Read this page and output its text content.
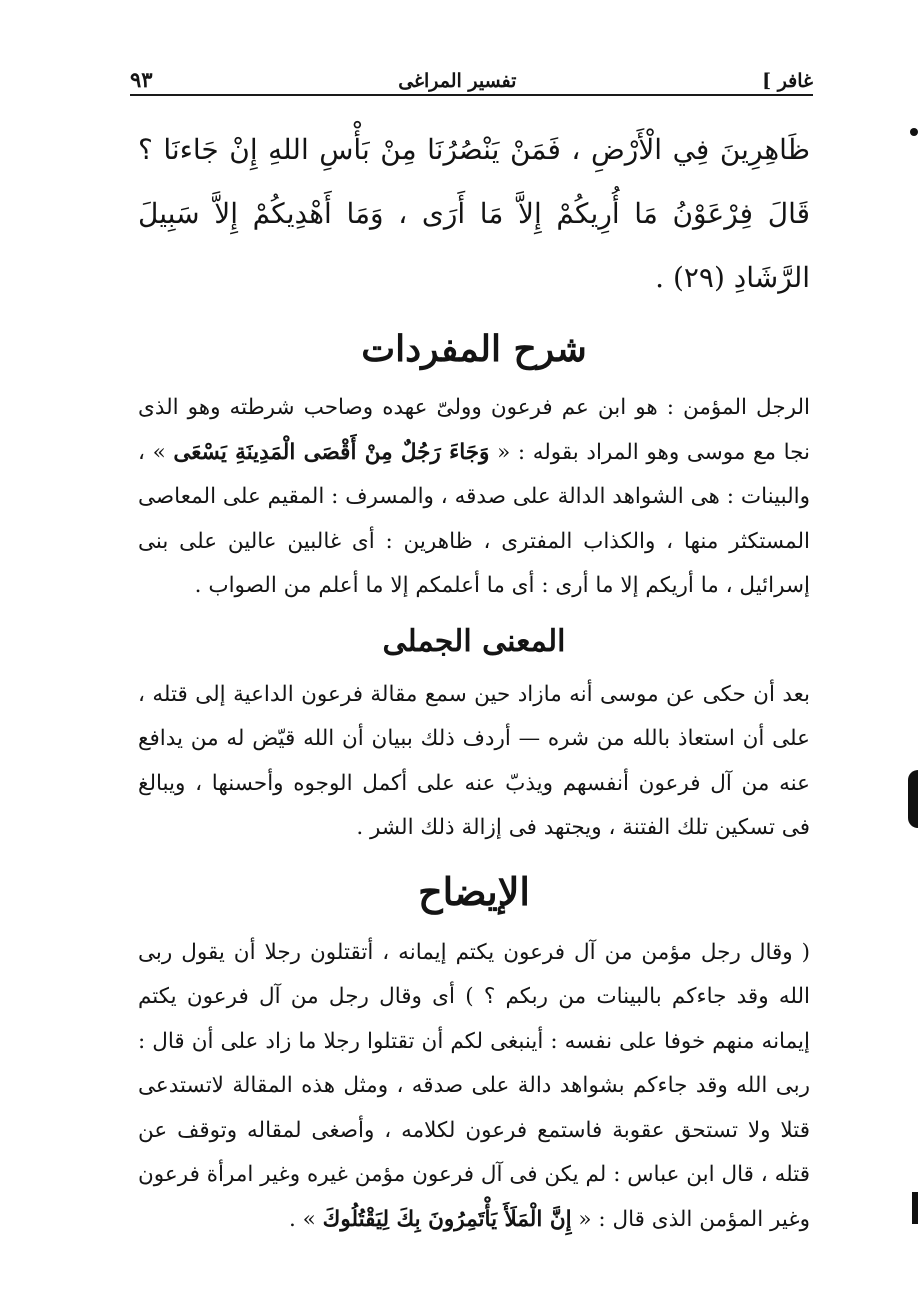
غافر ]
تفسير المراغى
٩٣

ظَاهِرِينَ فِي الْأَرْضِ ، فَمَنْ يَنْصُرُنَا مِنْ بَأْسِ اللهِ إِنْ جَاءنَا ؟ قَالَ فِرْعَوْنُ مَا أُرِيكُمْ إِلاَّ مَا أَرَى ، وَمَا أَهْدِيكُمْ إِلاَّ سَبِيلَ الرَّشَادِ (٢٩) .

شرح المفردات

الرجل المؤمن : هو ابن عم فرعون وولىّ عهده وصاحب شرطته وهو الذى نجا مع موسى وهو المراد بقوله : « وَجَاءَ رَجُلٌ مِنْ أَقْصَى الْمَدِينَةِ يَسْعَى » ، والبينات : هى الشواهد الدالة على صدقه ، والمسرف : المقيم على المعاصى المستكثر منها ، والكذاب المفترى ، ظاهرين : أى غالبين عالين على بنى إسرائيل ، ما أريكم إلا ما أرى : أى ما أعلمكم إلا ما أعلم من الصواب .

المعنى الجملى

بعد أن حكى عن موسى أنه مازاد حين سمع مقالة فرعون الداعية إلى قتله ، على أن استعاذ بالله من شره — أردف ذلك ببيان أن الله قيّض له من يدافع عنه من آل فرعون أنفسهم ويذبّ عنه على أكمل الوجوه وأحسنها ، ويبالغ فى تسكين تلك الفتنة ، ويجتهد فى إزالة ذلك الشر .

الإيضاح

( وقال رجل مؤمن من آل فرعون يكتم إيمانه ، أتقتلون رجلا أن يقول ربى الله وقد جاءكم بالبينات من ربكم ؟ ) أى وقال رجل من آل فرعون يكتم إيمانه منهم خوفا على نفسه : أينبغى لكم أن تقتلوا رجلا ما زاد على أن قال : ربى الله وقد جاءكم بشواهد دالة على صدقه ، ومثل هذه المقالة لاتستدعى قتلا ولا تستحق عقوبة فاستمع فرعون لكلامه ، وأصغى لمقاله وتوقف عن قتله ، قال ابن عباس : لم يكن فى آل فرعون مؤمن غيره وغير امرأة فرعون وغير المؤمن الذى قال : « إِنَّ الْمَلَأَ يَأْتَمِرُونَ بِكَ لِيَقْتُلُوكَ » .
